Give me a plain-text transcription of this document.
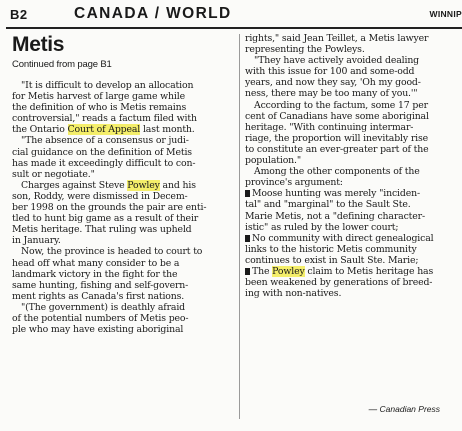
B2	CANADA / WORLD	WINNIP
Metis
Continued from page B1

"It is difficult to develop an allocation
for Metis harvest of large game while
the definition of who is Metis remains
controversial," reads a factum filed with
the Ontario Court of Appeal last month.

"The absence of a consensus or judi-
cial guidance on the definition of Metis
has made it exceedingly difficult to con-
sult or negotiate."

Charges against Steve Powley and his
son, Roddy, were dismissed in Decem-
ber 1998 on the grounds the pair are enti-
tled to hunt big game as a result of their
Metis heritage. That ruling was upheld
in January.

Now, the province is headed to court to
head off what many consider to be a
landmark victory in the fight for the
same hunting, fishing and self-govern-
ment rights as Canada's first nations.

"(The government) is deathly afraid
of the potential numbers of Metis peo-
ple who may have existing aboriginal

rights," said Jean Teillet, a Metis lawyer
representing the Powleys.

"They have actively avoided dealing
with this issue for 100 and some-odd
years, and now they say, 'Oh my good-
ness, there may be too many of you.'"

According to the factum, some 17 per
cent of Canadians have some aboriginal
heritage. "With continuing intermar-
riage, the proportion will inevitably rise
to constitute an ever-greater part of the
population."

Among the other components of the
province's argument:

Moose hunting was merely "inciden-
tal" and "marginal" to the Sault Ste.
Marie Metis, not a "defining character-
istic" as ruled by the lower court;

No community with direct genealogical
links to the historic Metis community
continues to exist in Sault Ste. Marie;

The Powley claim to Metis heritage has
been weakened by generations of breed-
ing with non-natives.

— Canadian Press
